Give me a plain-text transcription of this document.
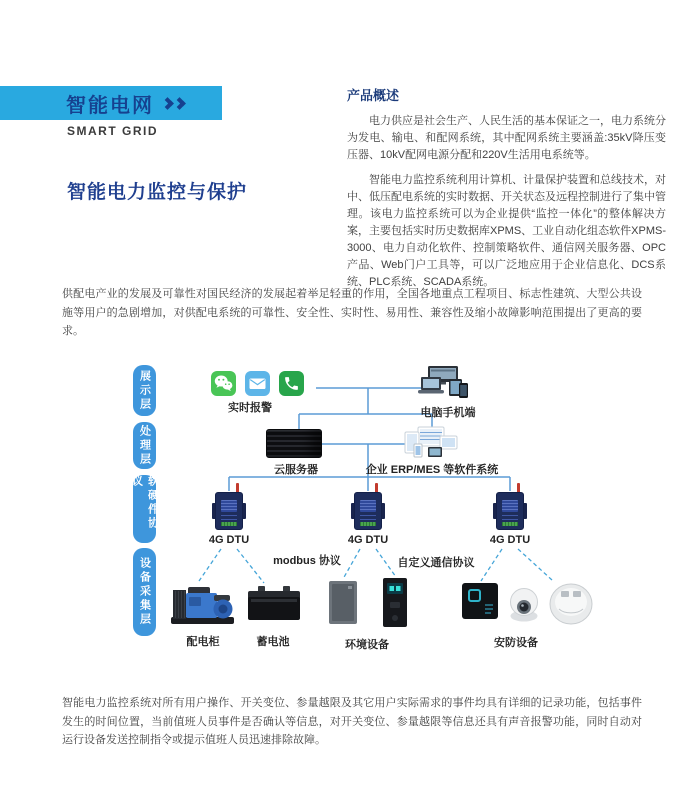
智能电网
SMART GRID
智能电力监控与保护
产品概述

电力供应是社会生产、人民生活的基本保证之一，电力系统分为发电、输电、和配网系统，其中配网系统主要涵盖:35kV降压变压器、10kV配网电源分配和220V生活用电系统等。

智能电力监控系统利用计算机、计量保护装置和总线技术，对中、低压配电系统的实时数据、开关状态及远程控制进行了集中管理。该电力监控系统可以为企业提供“监控一体化”的整体解决方案，主要包括实时历史数据库XPMS、工业自动化组态软件XPMS-3000、电力自动化软件、控制策略软件、通信网关服务器、OPC产品、Web门户工具等，可以广泛地应用于企业信息化、DCS系统、PLC系统、SCADA系统。

供配电产业的发展及可靠性对国民经济的发展起着举足轻重的作用，全国各地重点工程项目、标志性建筑、大型公共设施等用户的急剧增加，对供配电系统的可靠性、安全性、实时性、易用性、兼容性及缩小故障影响范围提出了更高的要求。
展示层
处理层
软硬件协议
设备采集层
实时报警	电脑手机端
云服务器	企业 ERP/MES 等软件系统
4G DTU	4G DTU	4G DTU
modbus 协议	自定义通信协议
配电柜	蓄电池	环境设备	安防设备
智能电力监控系统对所有用户操作、开关变位、参量越限及其它用户实际需求的事件均具有详细的记录功能，包括事件发生的时间位置，当前值班人员事件是否确认等信息，对开关变位、参量越限等信息还具有声音报警功能，同时自动对运行设备发送控制指令或提示值班人员迅速排除故障。
